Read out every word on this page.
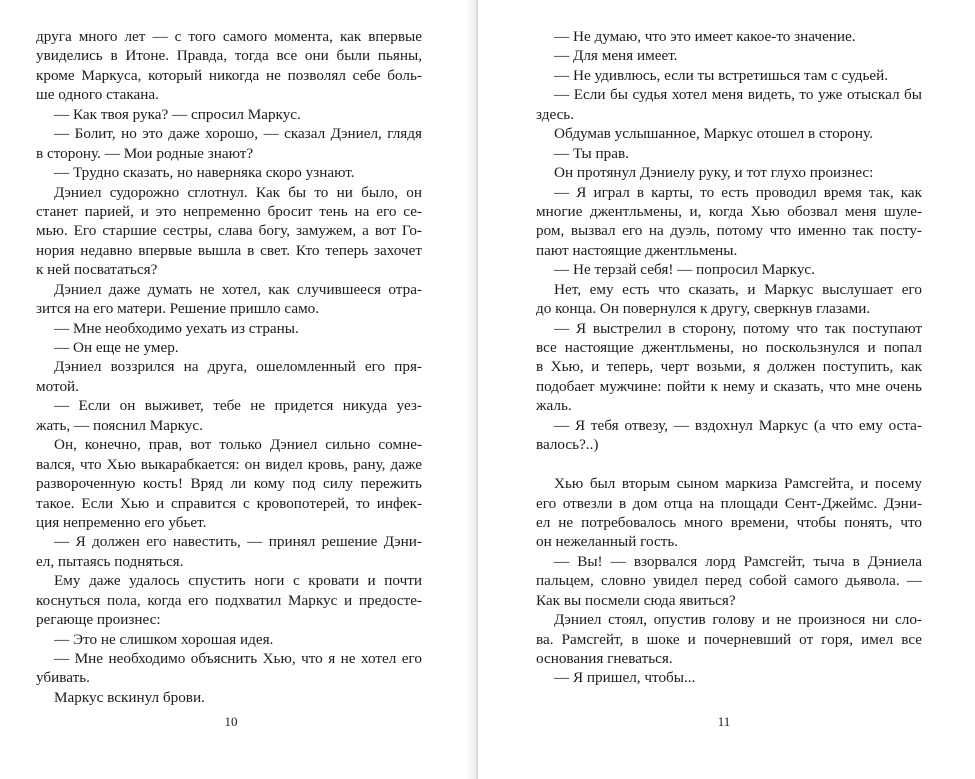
друга много лет — с того самого момента, как впервые
увиделись в Итоне. Правда, тогда все они были пьяны,
кроме Маркуса, который никогда не позволял себе боль-
ше одного стакана.
— Как твоя рука? — спросил Маркус.
— Болит, но это даже хорошо, — сказал Дэниел, глядя
в сторону. — Мои родные знают?
— Трудно сказать, но наверняка скоро узнают.
Дэниел судорожно сглотнул. Как бы то ни было, он
станет парией, и это непременно бросит тень на его се-
мью. Его старшие сестры, слава богу, замужем, а вот Го-
нория недавно впервые вышла в свет. Кто теперь захочет
к ней посвататься?
Дэниел даже думать не хотел, как случившееся отра-
зится на его матери. Решение пришло само.
— Мне необходимо уехать из страны.
— Он еще не умер.
Дэниел воззрился на друга, ошеломленный его пря-
мотой.
— Если он выживет, тебе не придется никуда уез-
жать, — пояснил Маркус.
Он, конечно, прав, вот только Дэниел сильно сомне-
вался, что Хью выкарабкается: он видел кровь, рану, даже
развороченную кость! Вряд ли кому под силу пережить
такое. Если Хью и справится с кровопотерей, то инфек-
ция непременно его убьет.
— Я должен его навестить, — принял решение Дэни-
ел, пытаясь подняться.
Ему даже удалось спустить ноги с кровати и почти
коснуться пола, когда его подхватил Маркус и предосте-
регающе произнес:
— Это не слишком хорошая идея.
— Мне необходимо объяснить Хью, что я не хотел его
убивать.
Маркус вскинул брови.
10
— Не думаю, что это имеет какое-то значение.
— Для меня имеет.
— Не удивлюсь, если ты встретишься там с судьей.
— Если бы судья хотел меня видеть, то уже отыскал бы
здесь.
Обдумав услышанное, Маркус отошел в сторону.
— Ты прав.
Он протянул Дэниелу руку, и тот глухо произнес:
— Я играл в карты, то есть проводил время так, как
многие джентльмены, и, когда Хью обозвал меня шуле-
ром, вызвал его на дуэль, потому что именно так посту-
пают настоящие джентльмены.
— Не терзай себя! — попросил Маркус.
Нет, ему есть что сказать, и Маркус выслушает его
до конца. Он повернулся к другу, сверкнув глазами.
— Я выстрелил в сторону, потому что так поступают
все настоящие джентльмены, но поскользнулся и попал
в Хью, и теперь, черт возьми, я должен поступить, как
подобает мужчине: пойти к нему и сказать, что мне очень
жаль.
— Я тебя отвезу, — вздохнул Маркус (а что ему оста-
валось?..)
Хью был вторым сыном маркиза Рамсгейта, и посему
его отвезли в дом отца на площади Сент-Джеймс. Дэни-
ел не потребовалось много времени, чтобы понять, что
он нежеланный гость.
— Вы! — взорвался лорд Рамсгейт, тыча в Дэниела
пальцем, словно увидел перед собой самого дьявола. —
Как вы посмели сюда явиться?
Дэниел стоял, опустив голову и не произнося ни сло-
ва. Рамсгейт, в шоке и почерневший от горя, имел все
основания гневаться.
— Я пришел, чтобы...
11
